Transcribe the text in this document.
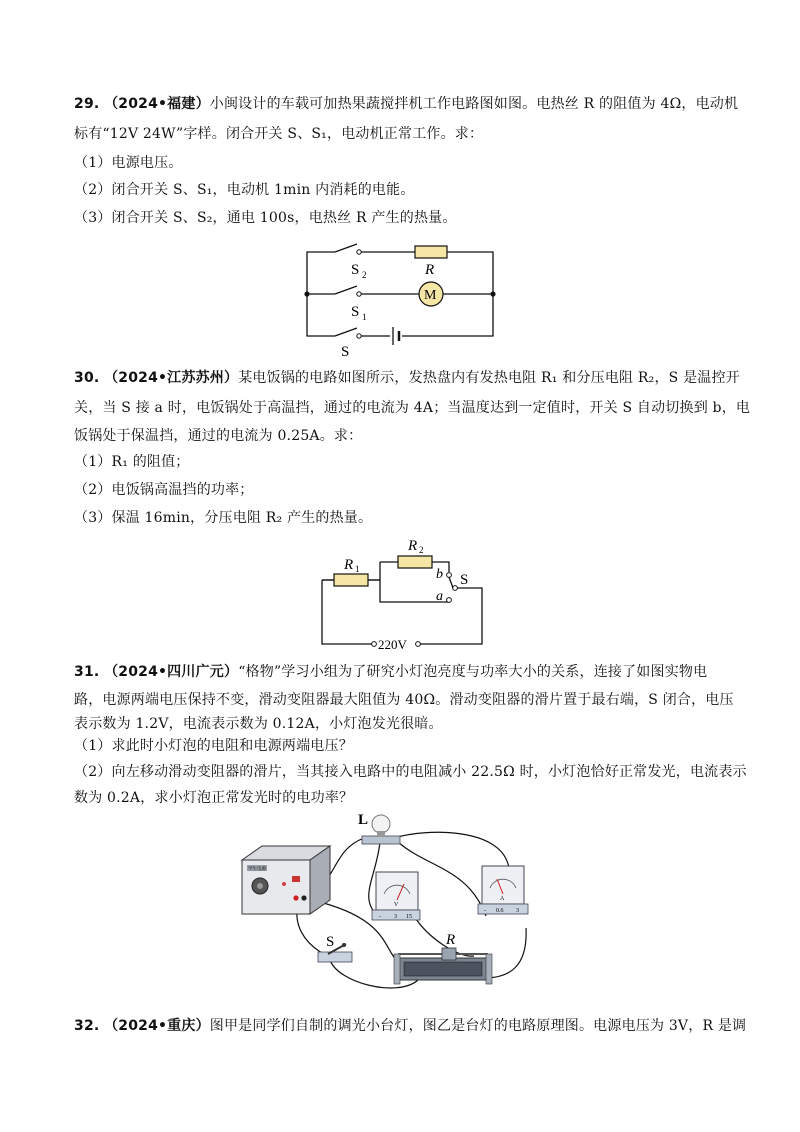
29. （2024•福建）小闽设计的车载可加热果蔬搅拌机工作电路图如图。电热丝 R 的阻值为 4Ω，电动机
标有“12V 24W”字样。闭合开关 S、S₁，电动机正常工作。求：
（1）电源电压。
（2）闭合开关 S、S₁，电动机 1min 内消耗的电能。
（3）闭合开关 S、S₂，通电 100s，电热丝 R 产生的热量。
S 2	R
S 1
M
S
30. （2024•江苏苏州）某电饭锅的电路如图所示，发热盘内有发热电阻 R₁ 和分压电阻 R₂，S 是温控开
关，当 S 接 a 时，电饭锅处于高温挡，通过的电流为 4A；当温度达到一定值时，开关 S 自动切换到 b，电
饭锅处于保温挡，通过的电流为 0.25A。求：
（1）R₁ 的阻值；
（2）电饭锅高温挡的功率；
（3）保温 16min，分压电阻 R₂ 产生的热量。
R 1
R 2
b
a
S
220V
31. （2024•四川广元）“格物”学习小组为了研究小灯泡亮度与功率大小的关系，连接了如图实物电
路，电源两端电压保持不变，滑动变阻器最大阻值为 40Ω。滑动变阻器的滑片置于最右端，S 闭合，电压
表示数为 1.2V，电流表示数为 0.12A，小灯泡发光很暗。
（1）求此时小灯泡的电阻和电源两端电压？
（2）向左移动滑动变阻器的滑片，当其接入电路中的电阻减小 22.5Ω 时，小灯泡恰好正常发光，电流表示
数为 0.2A，求小灯泡正常发光时的电功率？
学生电源
L
V
- 3 15
A
- 0.6 3
S	R
32. （2024•重庆）图甲是同学们自制的调光小台灯，图乙是台灯的电路原理图。电源电压为 3V，R 是调
